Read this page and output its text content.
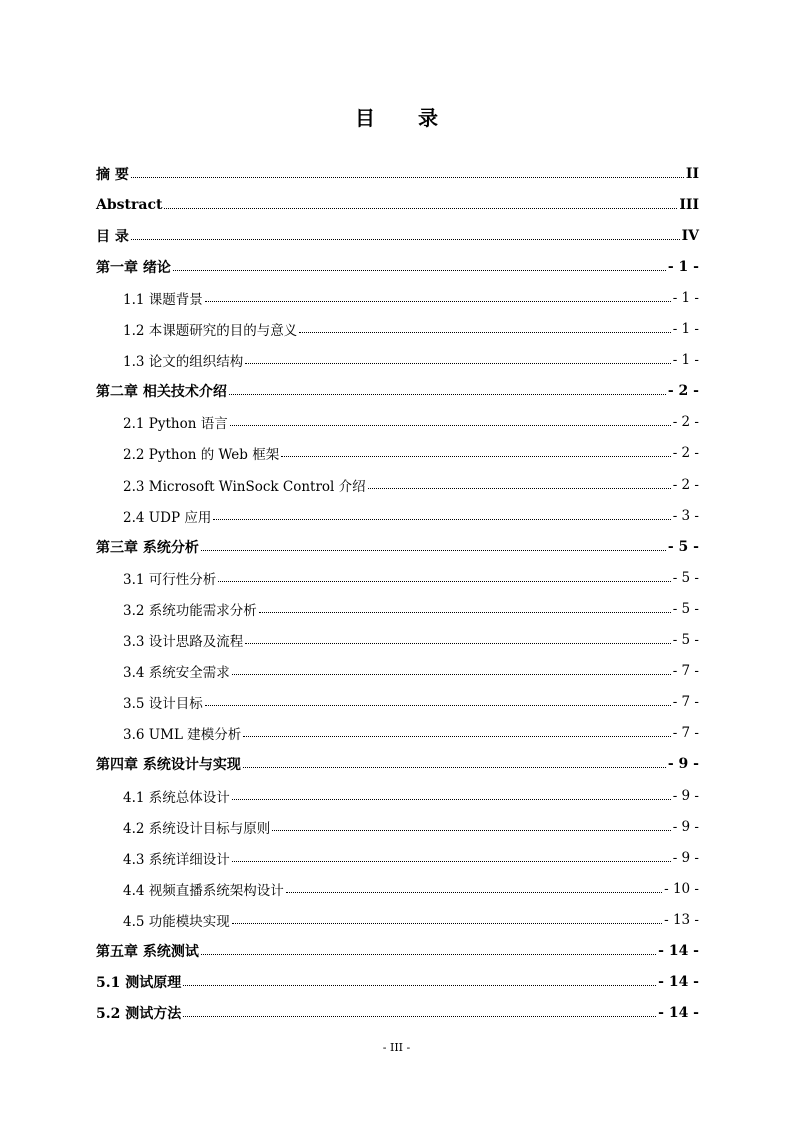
目 录
摘 要	II
Abstract	III
目 录	IV
第一章 绪论	- 1 -
1.1 课题背景	- 1 -
1.2 本课题研究的目的与意义	- 1 -
1.3 论文的组织结构	- 1 -
第二章 相关技术介绍	- 2 -
2.1 Python 语言	- 2 -
2.2 Python 的 Web 框架	- 2 -
2.3 Microsoft WinSock Control 介绍	- 2 -
2.4 UDP 应用	- 3 -
第三章 系统分析	- 5 -
3.1 可行性分析	- 5 -
3.2 系统功能需求分析	- 5 -
3.3 设计思路及流程	- 5 -
3.4 系统安全需求	- 7 -
3.5 设计目标	- 7 -
3.6 UML 建模分析	- 7 -
第四章 系统设计与实现	- 9 -
4.1 系统总体设计	- 9 -
4.2 系统设计目标与原则	- 9 -
4.3 系统详细设计	- 9 -
4.4 视频直播系统架构设计	- 10 -
4.5 功能模块实现	- 13 -
第五章 系统测试	- 14 -
5.1 测试原理	- 14 -
5.2 测试方法	- 14 -
- III -
